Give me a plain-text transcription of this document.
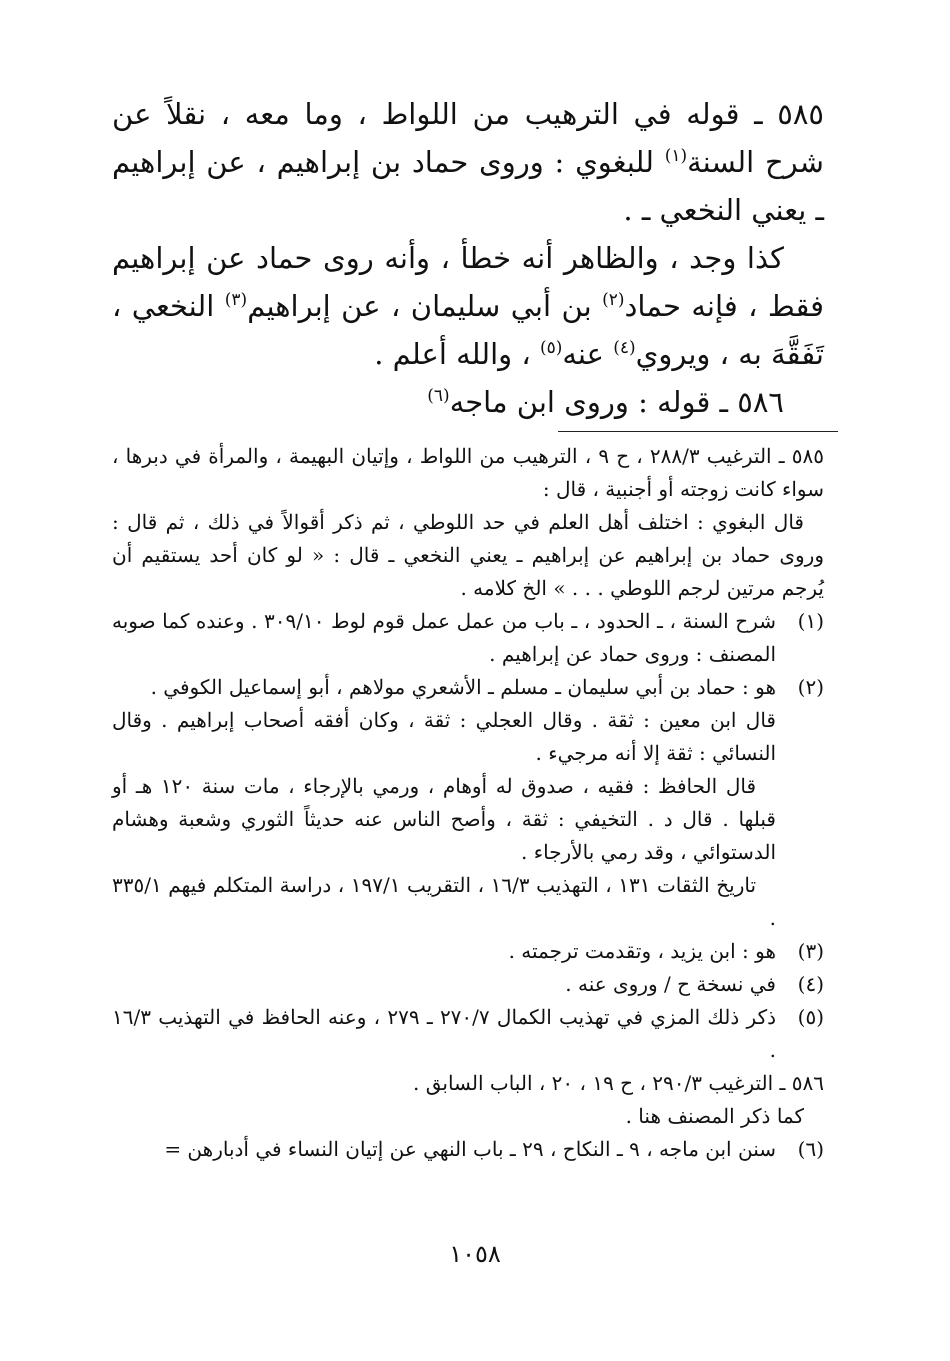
٥٨٥ ـ قوله في الترهيب من اللواط ، وما معه ، نقلاً عن شرح السنة$^{(١)}$ للبغوي : وروى حماد بن إبراهيم ، عن إبراهيم ـ يعني النخعي ـ .

كذا وجد ، والظاهر أنه خطأ ، وأنه روى حماد عن إبراهيم فقط ، فإنه حماد$^{(٢)}$ بن أبي سليمان ، عن إبراهيم$^{(٣)}$ النخعي ، تَفَقَّهَ به ، ويروي$^{(٤)}$ عنه$^{(٥)}$ ، والله أعلم .

٥٨٦ ـ قوله : وروى ابن ماجه$^{(٦)}$

٥٨٥ ـ الترغيب ٢٨٨/٣ ، ح ٩ ، الترهيب من اللواط ، وإتيان البهيمة ، والمرأة في دبرها ، سواء كانت زوجته أو أجنبية ، قال :

قال البغوي : اختلف أهل العلم في حد اللوطي ، ثم ذكر أقوالاً في ذلك ، ثم قال : وروى حماد بن إبراهيم عن إبراهيم ـ يعني النخعي ـ قال : « لو كان أحد يستقيم أن يُرجم مرتين لرجم اللوطي . . . » الخ كلامه .

(١)

شرح السنة ، ـ الحدود ، ـ باب من عمل عمل قوم لوط ٣٠٩/١٠ . وعنده كما صوبه المصنف : وروى حماد عن إبراهيم .

(٢)

هو : حماد بن أبي سليمان ـ مسلم ـ الأشعري مولاهم ، أبو إسماعيل الكوفي .

قال ابن معين : ثقة . وقال العجلي : ثقة ، وكان أفقه أصحاب إبراهيم . وقال النسائي : ثقة إلا أنه مرجيء .

قال الحافظ : فقيه ، صدوق له أوهام ، ورمي بالإرجاء ، مات سنة ١٢٠ هـ أو قبلها . قال د . التخيفي : ثقة ، وأصح الناس عنه حديثاً الثوري وشعبة وهشام الدستوائي ، وقد رمي بالأرجاء .

تاريخ الثقات ١٣١ ، التهذيب ١٦/٣ ، التقريب ١٩٧/١ ، دراسة المتكلم فيهم ٣٣٥/١ .

(٣)

هو : ابن يزيد ، وتقدمت ترجمته .

(٤)

في نسخة ح / وروى عنه .

(٥)

ذكر ذلك المزي في تهذيب الكمال ٢٧٠/٧ ـ ٢٧٩ ، وعنه الحافظ في التهذيب ١٦/٣ .

٥٨٦ ـ الترغيب ٢٩٠/٣ ، ح ١٩ ، ٢٠ ، الباب السابق .

كما ذكر المصنف هنا .

(٦)

سنن ابن ماجه ، ٩ ـ النكاح ، ٢٩ ـ باب النهي عن إتيان النساء في أدبارهن =

١٠٥٨
